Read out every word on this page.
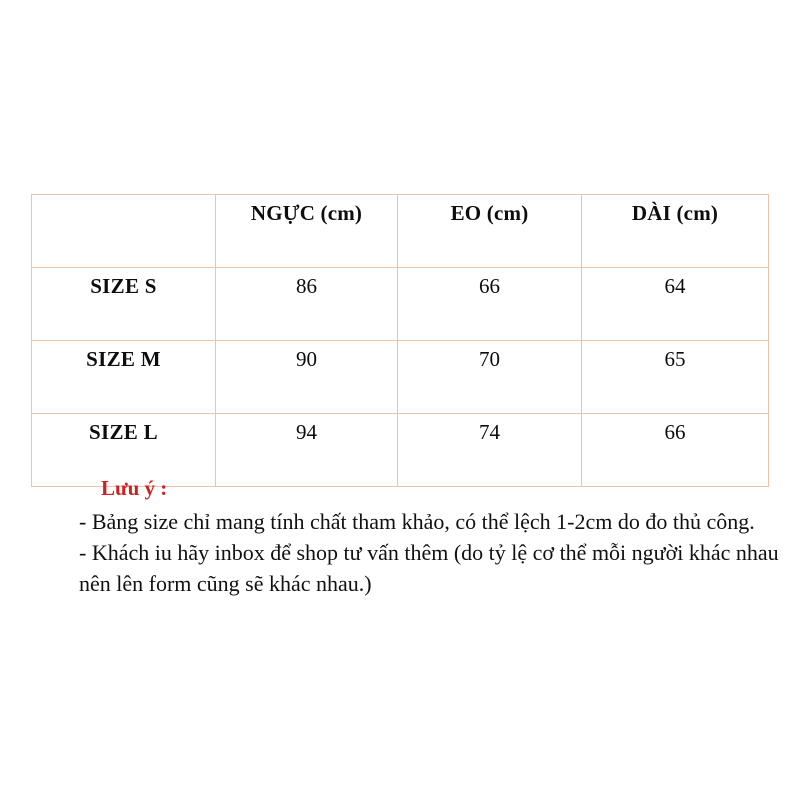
	NGỰC (cm)	EO (cm)	DÀI (cm)
SIZE S	86	66	64
SIZE M	90	70	65
SIZE L	94	74	66

Lưu ý :

- Bảng size chỉ mang tính chất tham khảo, có thể lệch 1-2cm do đo thủ công.

- Khách iu hãy inbox để shop tư vấn thêm (do tỷ lệ cơ thể mỗi người khác nhau nên lên form cũng sẽ khác nhau.)
